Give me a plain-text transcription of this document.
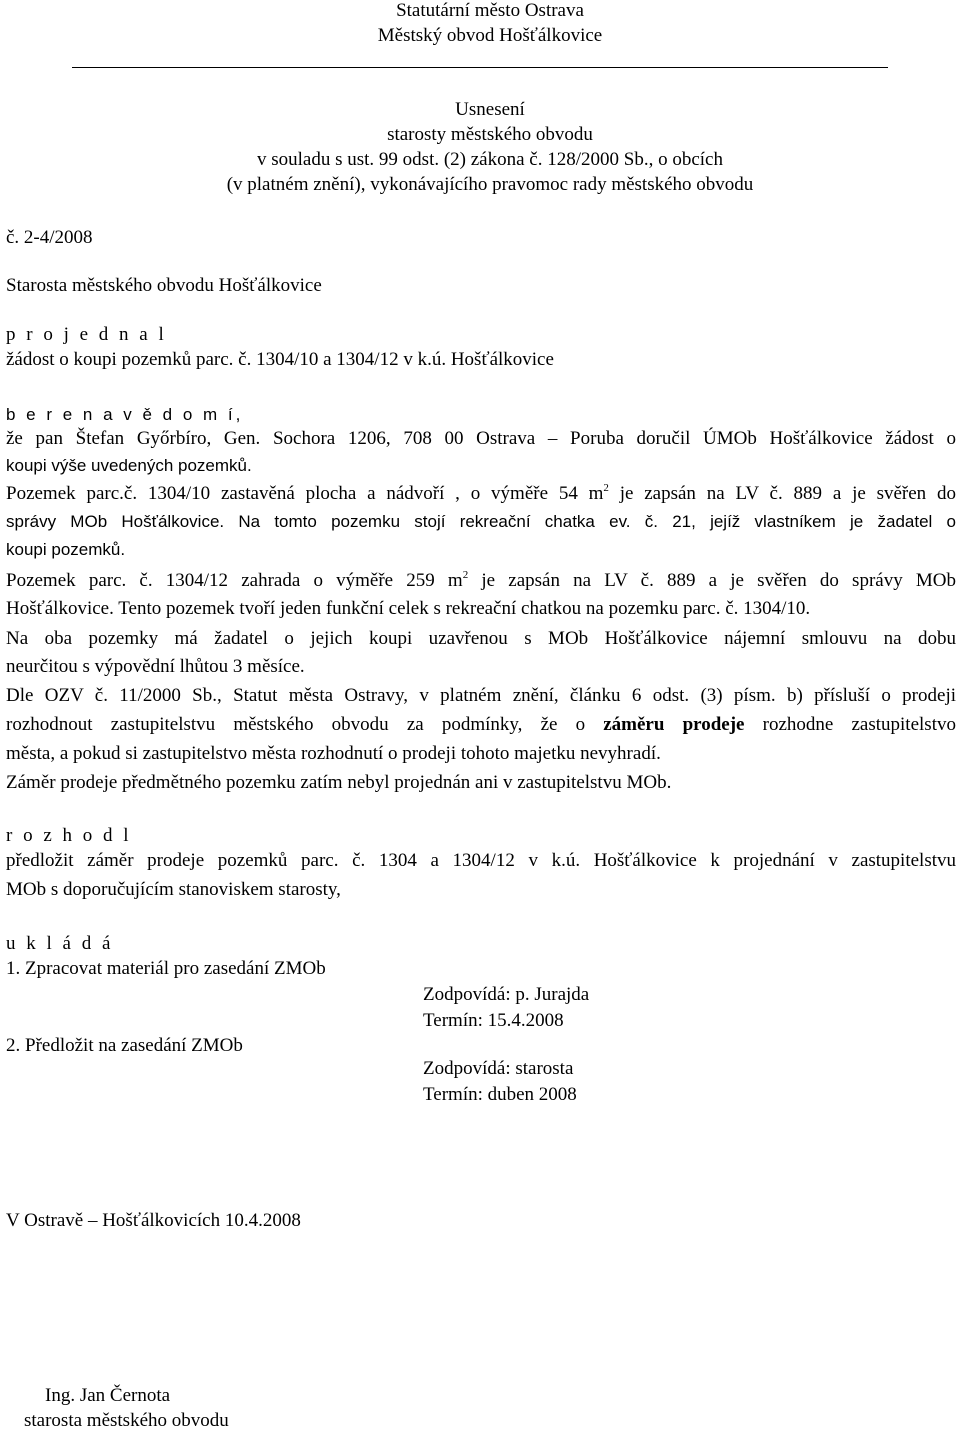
Statutární město Ostrava
Městský obvod Hošťálkovice
Usnesení
starosty městského obvodu
v souladu s ust. 99 odst. (2) zákona č. 128/2000 Sb., o obcích
(v platném znění), vykonávajícího pravomoc rady městského obvodu
č. 2-4/2008
Starosta městského obvodu Hošťálkovice
p r o j e d n a l
žádost o koupi pozemků parc. č. 1304/10 a 1304/12 v k.ú. Hošťálkovice
b e r e n a v ě d o m í,
že pan Štefan Győrbíro, Gen. Sochora 1206, 708 00 Ostrava – Poruba doručil ÚMOb Hošťálkovice žádost o
koupi výše uvedených pozemků.
Pozemek parc.č. 1304/10 zastavěná plocha a nádvoří , o výměře 54 $m^2$ je zapsán na LV č. 889 a je svěřen do
správy MOb Hošťálkovice. Na tomto pozemku stojí rekreační chatka ev. č. 21, jejíž vlastníkem je žadatel o
koupi pozemků.
Pozemek parc. č. 1304/12 zahrada o výměře 259 $m^2$ je zapsán na LV č. 889 a je svěřen do správy MOb
Hošťálkovice. Tento pozemek tvoří jeden funkční celek s rekreační chatkou na pozemku parc. č. 1304/10.
Na oba pozemky má žadatel o jejich koupi uzavřenou s MOb Hošťálkovice nájemní smlouvu na dobu
neurčitou s výpovědní lhůtou 3 měsíce.
Dle OZV č. 11/2000 Sb., Statut města Ostravy, v platném znění, článku 6 odst. (3) písm. b) přísluší o prodeji
rozhodnout zastupitelstvu městského obvodu za podmínky, že o záměru prodeje rozhodne zastupitelstvo
města, a pokud si zastupitelstvo města rozhodnutí o prodeji tohoto majetku nevyhradí.
Záměr prodeje předmětného pozemku zatím nebyl projednán ani v zastupitelstvu MOb.
r o z h o d l
předložit záměr prodeje pozemků parc. č. 1304 a 1304/12 v k.ú. Hošťálkovice k projednání v zastupitelstvu
MOb s doporučujícím stanoviskem starosty,
u k l á d á
1. Zpracovat materiál pro zasedání ZMOb
Zodpovídá: p. Jurajda
Termín: 15.4.2008
2. Předložit na zasedání ZMOb
Zodpovídá: starosta
Termín: duben 2008
V Ostravě – Hošťálkovicích 10.4.2008
Ing. Jan Černota
starosta městského obvodu
